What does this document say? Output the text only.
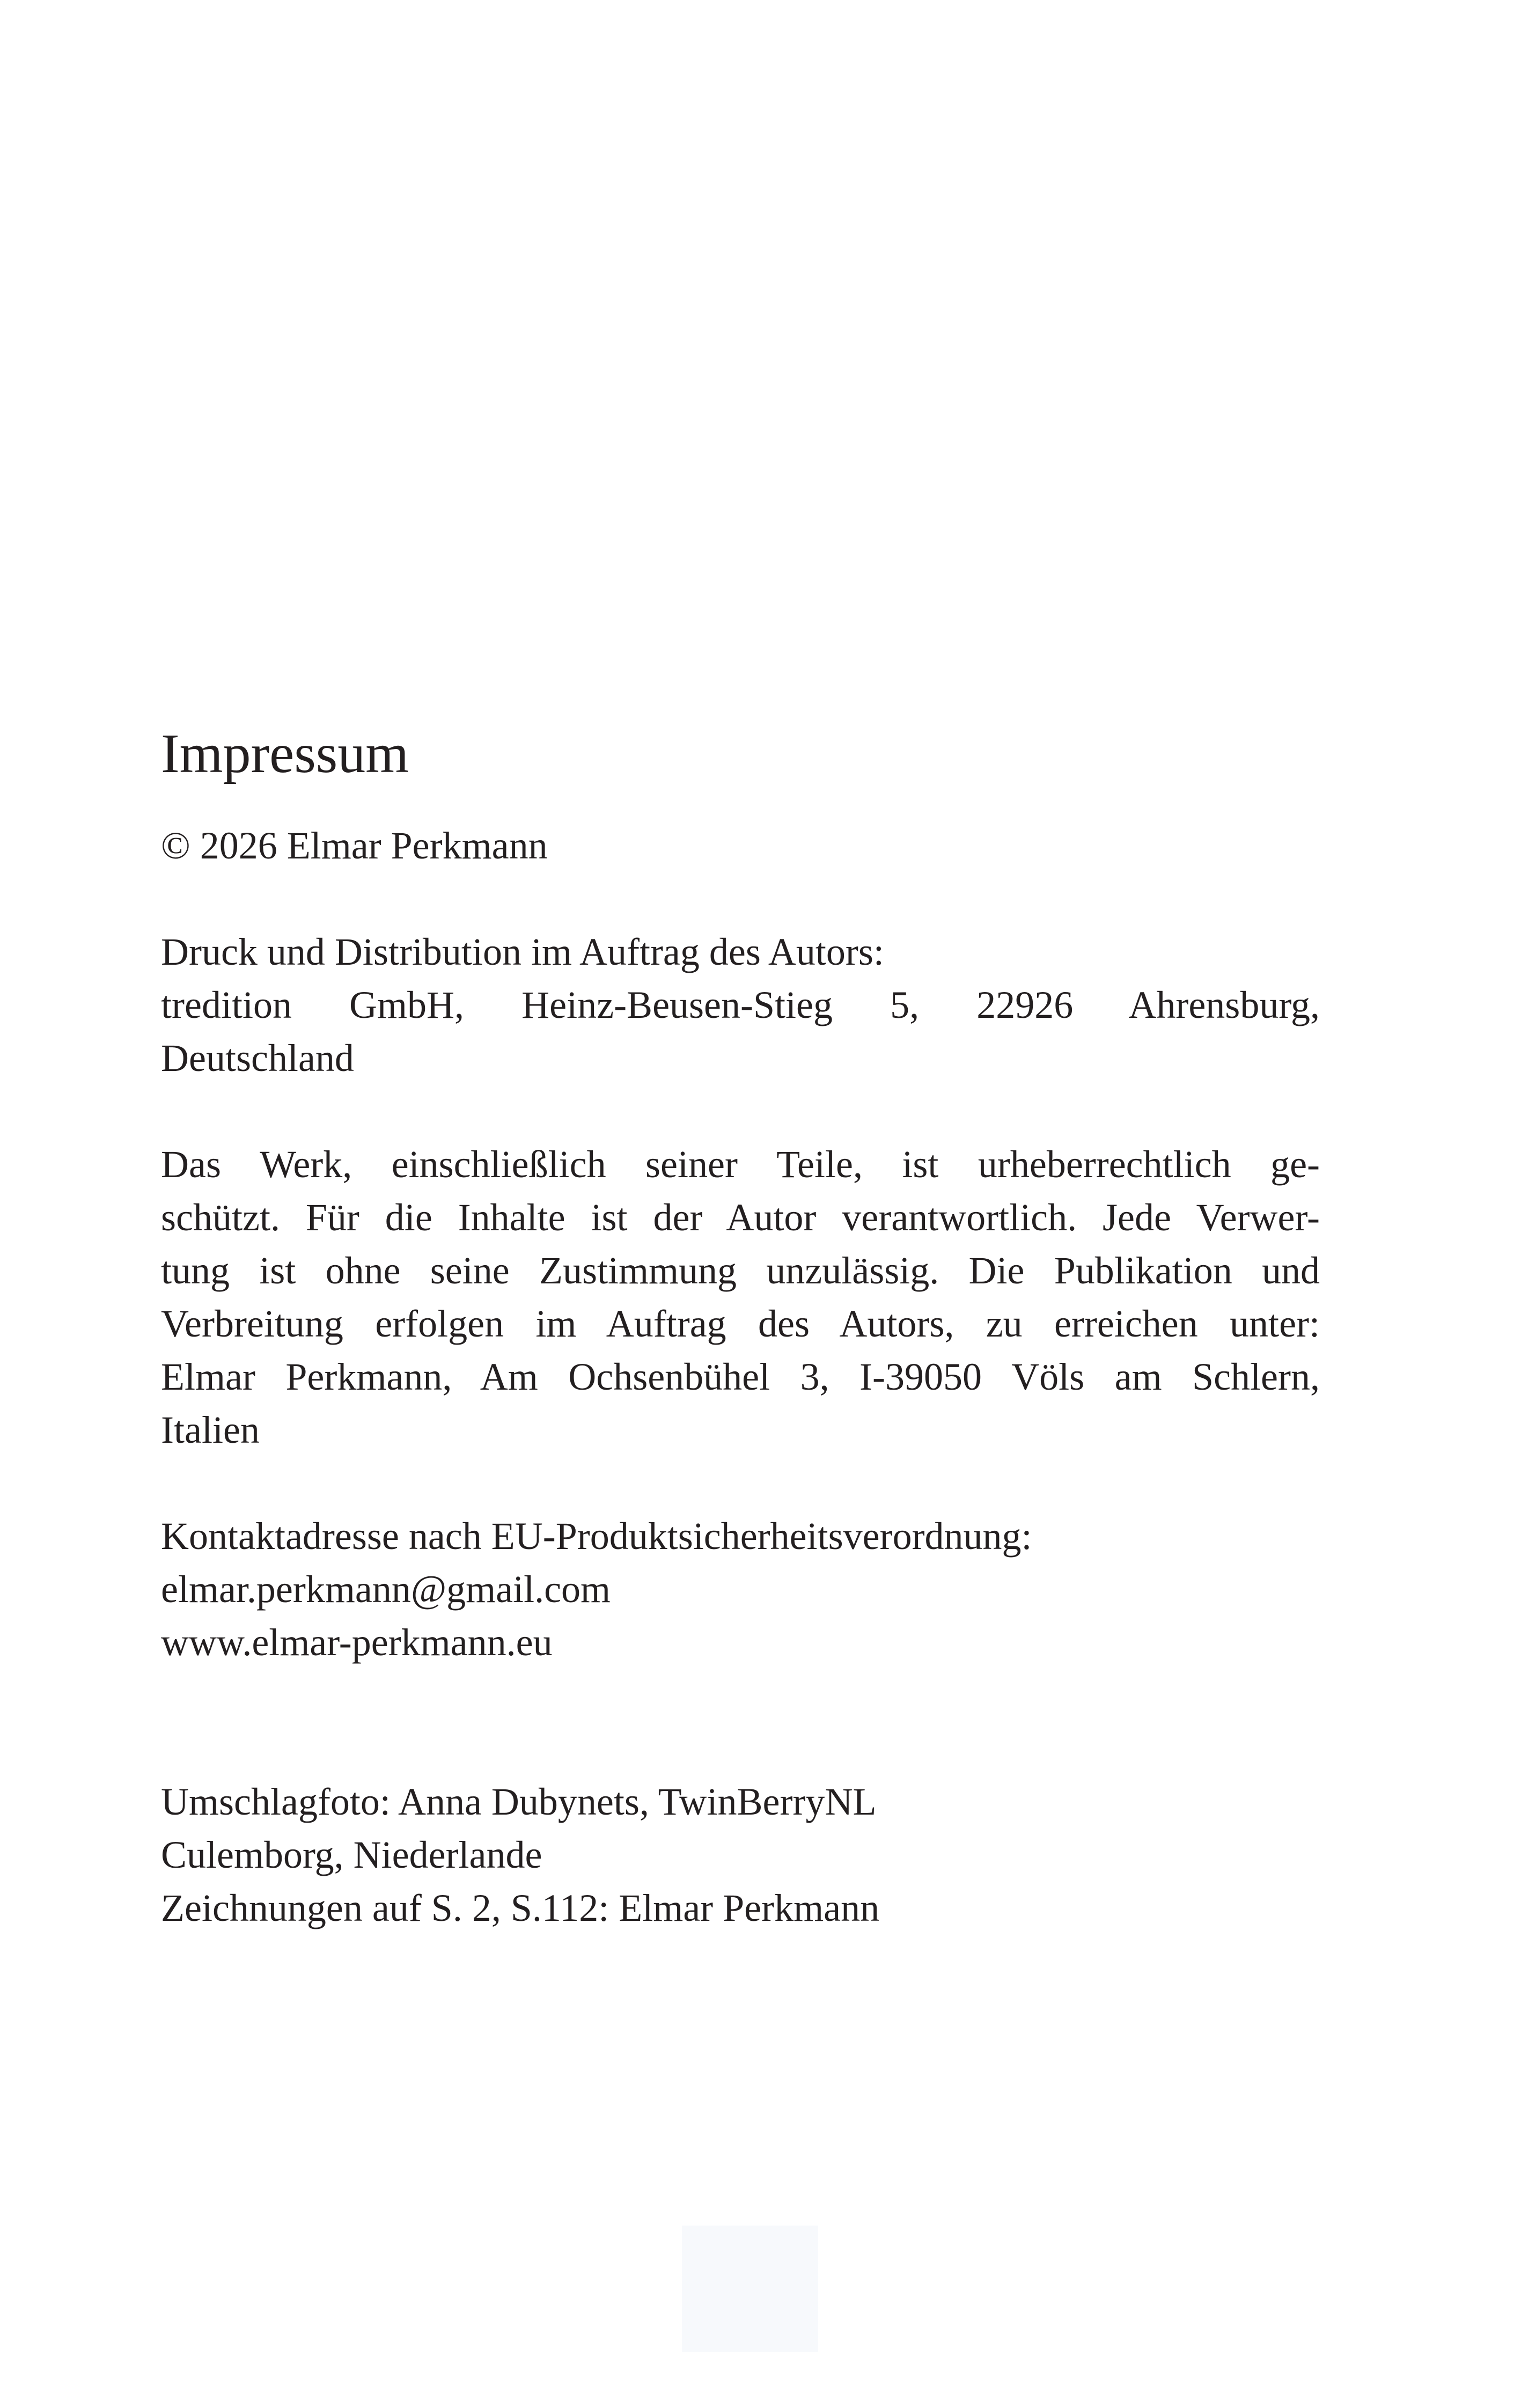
Impressum

© 2026 Elmar Perkmann

Druck und Distribution im Auftrag des Autors:
tredition GmbH, Heinz-Beusen-Stieg 5, 22926 Ahrensburg,
Deutschland

Das Werk, einschließlich seiner Teile, ist urheberrechtlich ge-
schützt. Für die Inhalte ist der Autor verantwortlich. Jede Verwer-
tung ist ohne seine Zustimmung unzulässig. Die Publikation und
Verbreitung erfolgen im Auftrag des Autors, zu erreichen unter:
Elmar Perkmann, Am Ochsenbühel 3, I-39050 Völs am Schlern,
Italien

Kontaktadresse nach EU-Produktsicherheitsverordnung:
elmar.perkmann@gmail.com
www.elmar-perkmann.eu

Umschlagfoto: Anna Dubynets, TwinBerryNL
Culemborg, Niederlande
Zeichnungen auf S. 2, S.112: Elmar Perkmann
